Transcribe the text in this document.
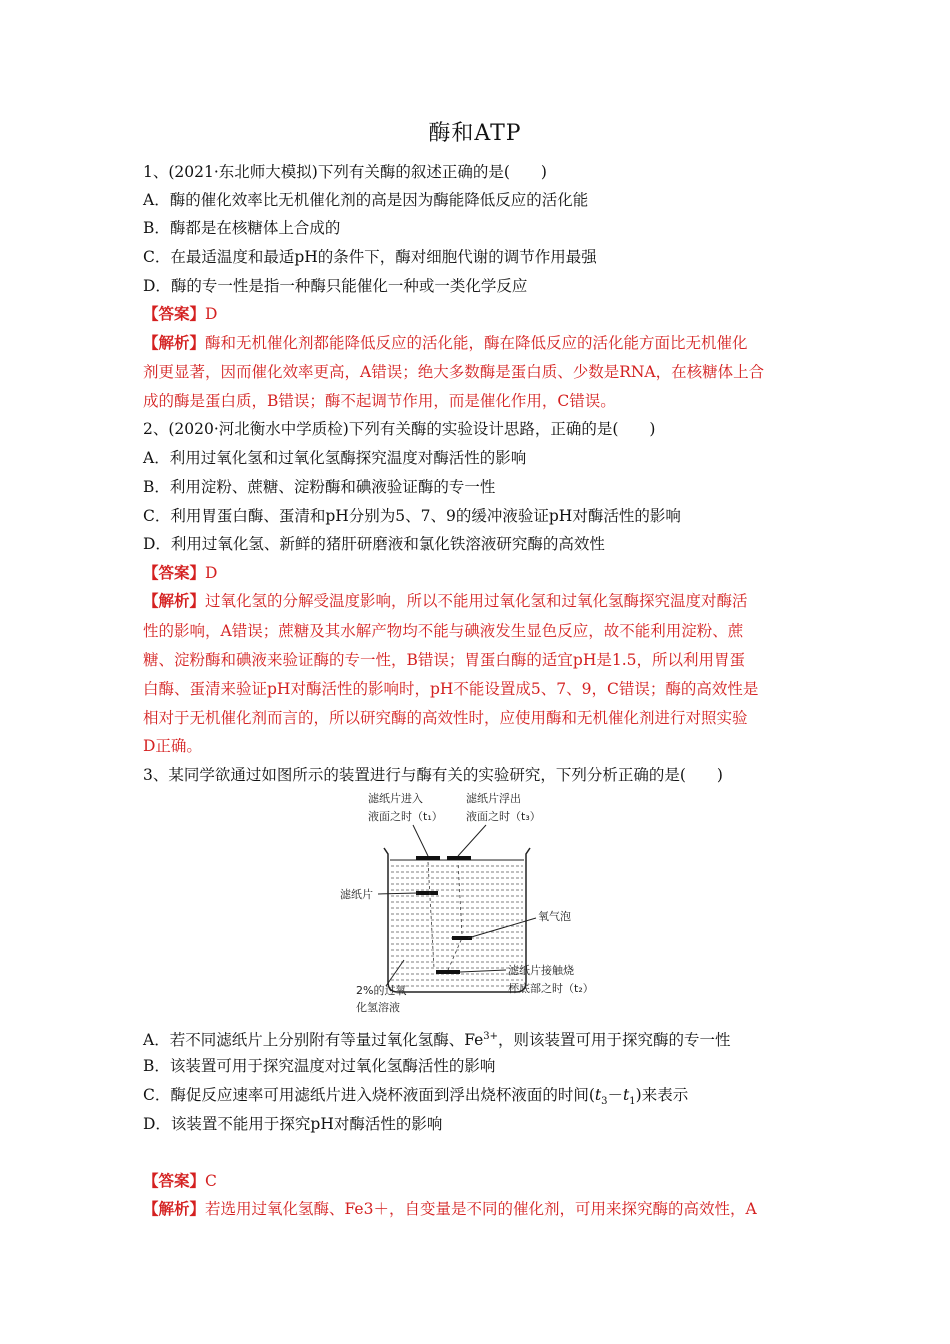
酶和ATP
1、(2021·东北师大模拟)下列有关酶的叙述正确的是(　　)
A．酶的催化效率比无机催化剂的高是因为酶能降低反应的活化能
B．酶都是在核糖体上合成的
C．在最适温度和最适pH的条件下，酶对细胞代谢的调节作用最强
D．酶的专一性是指一种酶只能催化一种或一类化学反应
【答案】D
【解析】酶和无机催化剂都能降低反应的活化能，酶在降低反应的活化能方面比无机催化
剂更显著，因而催化效率更高，A错误；绝大多数酶是蛋白质、少数是RNA，在核糖体上合
成的酶是蛋白质，B错误；酶不起调节作用，而是催化作用，C错误。
2、(2020·河北衡水中学质检)下列有关酶的实验设计思路，正确的是(　　)
A．利用过氧化氢和过氧化氢酶探究温度对酶活性的影响
B．利用淀粉、蔗糖、淀粉酶和碘液验证酶的专一性
C．利用胃蛋白酶、蛋清和pH分别为5、7、9的缓冲液验证pH对酶活性的影响
D．利用过氧化氢、新鲜的猪肝研磨液和氯化铁溶液研究酶的高效性
【答案】D
【解析】过氧化氢的分解受温度影响，所以不能用过氧化氢和过氧化氢酶探究温度对酶活
性的影响，A错误；蔗糖及其水解产物均不能与碘液发生显色反应，故不能利用淀粉、蔗
糖、淀粉酶和碘液来验证酶的专一性，B错误；胃蛋白酶的适宜pH是1.5，所以利用胃蛋
白酶、蛋清来验证pH对酶活性的影响时，pH不能设置成5、7、9，C错误；酶的高效性是
相对于无机催化剂而言的，所以研究酶的高效性时，应使用酶和无机催化剂进行对照实验
D正确。
3、某同学欲通过如图所示的装置进行与酶有关的实验研究，下列分析正确的是(　　)
滤纸片进入
液面之时（t₁）
滤纸片浮出
液面之时（t₃）
滤纸片
氧气泡
滤纸片接触烧
杯底部之时（t₂）
2%的过氧
化氢溶液
A．若不同滤纸片上分别附有等量过氧化氢酶、$Fe^{3+}$，则该装置可用于探究酶的专一性
B．该装置可用于探究温度对过氧化氢酶活性的影响
C．酶促反应速率可用滤纸片进入烧杯液面到浮出烧杯液面的时间$(t_3-t_1)$来表示
D．该装置不能用于探究pH对酶活性的影响
【答案】C
【解析】若选用过氧化氢酶、Fe3＋，自变量是不同的催化剂，可用来探究酶的高效性，A
